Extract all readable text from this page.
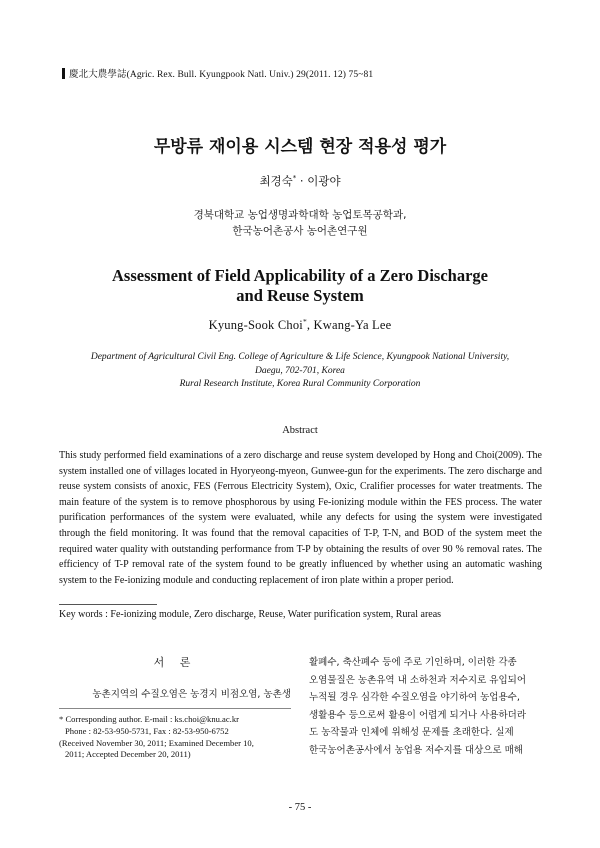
慶北大農學誌(Agric. Rex. Bull. Kyungpook Natl. Univ.) 29(2011. 12) 75~81
무방류 재이용 시스템 현장 적용성 평가
최경숙* · 이광야
경북대학교 농업생명과학대학 농업토목공학과,
한국농어촌공사 농어촌연구원
Assessment of Field Applicability of a Zero Discharge
and Reuse System
Kyung-Sook Choi*, Kwang-Ya Lee
Department of Agricultural Civil Eng. College of Agriculture & Life Science, Kyungpook National University,
Daegu, 702-701, Korea
Rural Research Institute, Korea Rural Community Corporation
Abstract
This study performed field examinations of a zero discharge and reuse system developed by Hong and Choi(2009). The system installed one of villages located in Hyoryeong-myeon, Gunwee-gun for the experiments. The zero discharge and reuse system consists of anoxic, FES (Ferrous Electricity System), Oxic, Cralifier processes for water treatments. The main feature of the system is to remove phosphorous by using Fe-ionizing module within the FES process. The water purification performances of the system were evaluated, while any defects for using the system were investigated through the field monitoring. It was found that the removal capacities of T-P, T-N, and BOD of the system meet the required water quality with outstanding performance from T-P by obtaining the results of over 90 % removal rates. The efficiency of T-P removal rate of the system found to be greatly influenced by whether using an automatic washing system to the Fe-ionizing module and conducting replacement of iron plate within a proper period.
Key words : Fe-ionizing module, Zero discharge, Reuse, Water purification system, Rural areas
서 론
농촌지역의 수질오염은 농경지 비점오염, 농촌생
* Corresponding author. E-mail : ks.choi@knu.ac.kr
Phone : 82-53-950-5731, Fax : 82-53-950-6752
(Received November 30, 2011; Examined December 10,
2011; Accepted December 20, 2011)
활폐수, 축산폐수 등에 주로 기인하며, 이러한 각종
오염물질은 농촌유역 내 소하천과 저수지로 유입되어
누적될 경우 심각한 수질오염을 야기하여 농업용수,
생활용수 등으로써 활용이 어렵게 되거나 사용하더라
도 농작물과 인체에 위해성 문제를 초래한다. 실제
한국농어촌공사에서 농업용 저수지를 대상으로 매해
- 75 -
